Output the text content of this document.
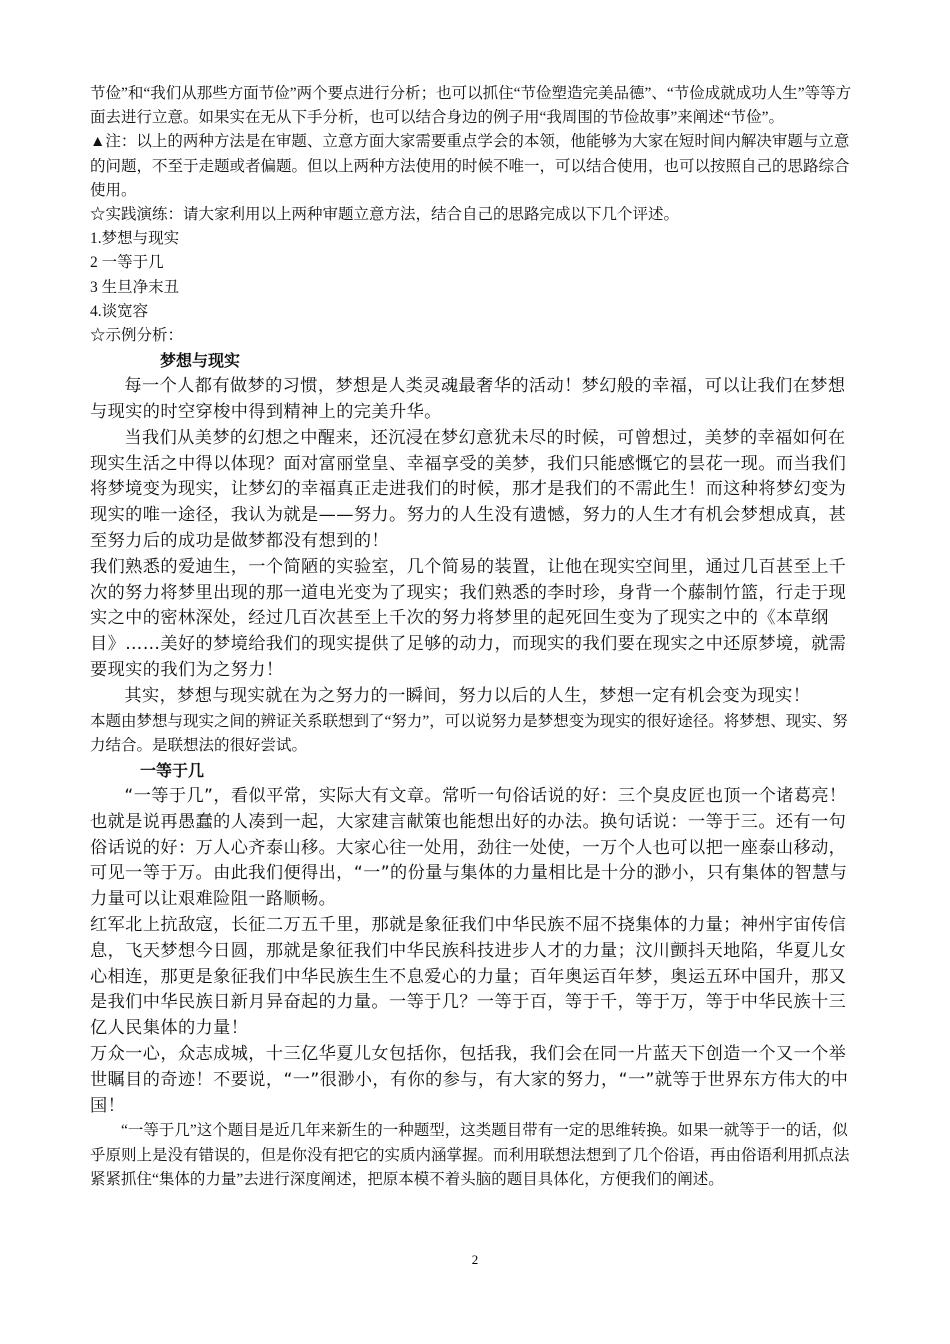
节俭”和“我们从那些方面节俭”两个要点进行分析；也可以抓住“节俭塑造完美品德”、“节俭成就成功人生”等等方面去进行立意。如果实在无从下手分析，也可以结合身边的例子用“我周围的节俭故事”来阐述“节俭”。

▲注：以上的两种方法是在审题、立意方面大家需要重点学会的本领，他能够为大家在短时间内解决审题与立意的问题，不至于走题或者偏题。但以上两种方法使用的时候不唯一，可以结合使用，也可以按照自己的思路综合使用。

☆实践演练：请大家利用以上两种审题立意方法，结合自己的思路完成以下几个评述。

1.梦想与现实

2 一等于几

3 生旦净末丑

4.谈宽容

☆示例分析：

梦想与现实

每一个人都有做梦的习惯，梦想是人类灵魂最奢华的活动！梦幻般的幸福，可以让我们在梦想与现实的时空穿梭中得到精神上的完美升华。

当我们从美梦的幻想之中醒来，还沉浸在梦幻意犹未尽的时候，可曾想过，美梦的幸福如何在现实生活之中得以体现？面对富丽堂皇、幸福享受的美梦，我们只能感慨它的昙花一现。而当我们将梦境变为现实，让梦幻的幸福真正走进我们的时候，那才是我们的不需此生！而这种将梦幻变为现实的唯一途径，我认为就是——努力。努力的人生没有遗憾，努力的人生才有机会梦想成真，甚至努力后的成功是做梦都没有想到的！

我们熟悉的爱迪生，一个简陋的实验室，几个简易的装置，让他在现实空间里，通过几百甚至上千次的努力将梦里出现的那一道电光变为了现实；我们熟悉的李时珍，身背一个藤制竹篮，行走于现实之中的密林深处，经过几百次甚至上千次的努力将梦里的起死回生变为了现实之中的《本草纲目》……美好的梦境给我们的现实提供了足够的动力，而现实的我们要在现实之中还原梦境，就需要现实的我们为之努力！

其实，梦想与现实就在为之努力的一瞬间，努力以后的人生，梦想一定有机会变为现实！

本题由梦想与现实之间的辨证关系联想到了“努力”，可以说努力是梦想变为现实的很好途径。将梦想、现实、努力结合。是联想法的很好尝试。

一等于几

“一等于几”，看似平常，实际大有文章。常听一句俗话说的好：三个臭皮匠也顶一个诸葛亮！也就是说再愚蠢的人凑到一起，大家建言献策也能想出好的办法。换句话说：一等于三。还有一句俗话说的好：万人心齐泰山移。大家心往一处用，劲往一处使，一万个人也可以把一座泰山移动，可见一等于万。由此我们便得出，“一”的份量与集体的力量相比是十分的渺小，只有集体的智慧与力量可以让艰难险阻一路顺畅。

红军北上抗敌寇，长征二万五千里，那就是象征我们中华民族不屈不挠集体的力量；神州宇宙传信息，飞天梦想今日圆，那就是象征我们中华民族科技进步人才的力量；汶川颤抖天地陷，华夏儿女心相连，那更是象征我们中华民族生生不息爱心的力量；百年奥运百年梦，奥运五环中国升，那又是我们中华民族日新月异奋起的力量。一等于几？一等于百，等于千，等于万，等于中华民族十三亿人民集体的力量！

万众一心，众志成城，十三亿华夏儿女包括你，包括我，我们会在同一片蓝天下创造一个又一个举世瞩目的奇迹！不要说，“一”很渺小，有你的参与，有大家的努力，“一”就等于世界东方伟大的中国！

“一等于几”这个题目是近几年来新生的一种题型，这类题目带有一定的思维转换。如果一就等于一的话，似乎原则上是没有错误的，但是你没有把它的实质内涵掌握。而利用联想法想到了几个俗语，再由俗语利用抓点法紧紧抓住“集体的力量”去进行深度阐述，把原本模不着头脑的题目具体化，方便我们的阐述。

2
